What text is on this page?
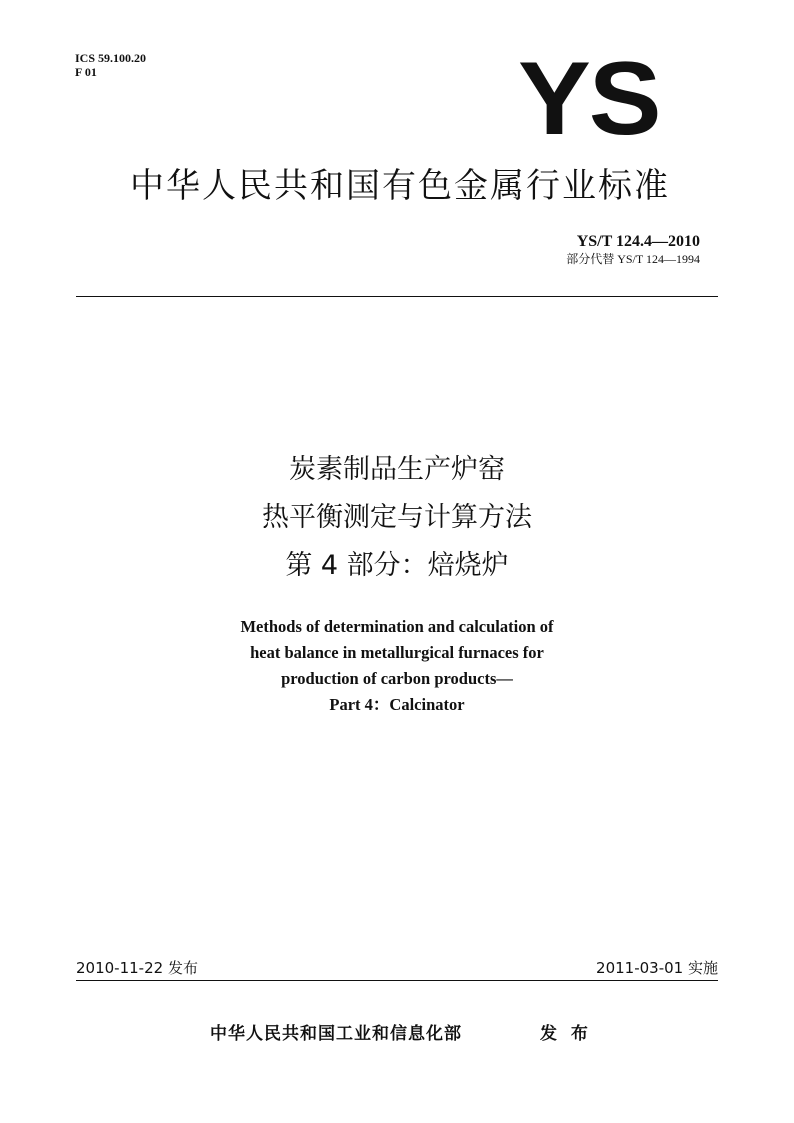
ICS 59.100.20
F 01	YS
中华人民共和国有色金属行业标准
YS/T 124.4—2010
部分代替 YS/T 124—1994
炭素制品生产炉窑
热平衡测定与计算方法
第 4 部分：焙烧炉
Methods of determination and calculation of
heat balance in metallurgical furnaces for
production of carbon products—
Part 4：Calcinator
2010-11-22 发布	2011-03-01 实施
中华人民共和国工业和信息化部	发 布
